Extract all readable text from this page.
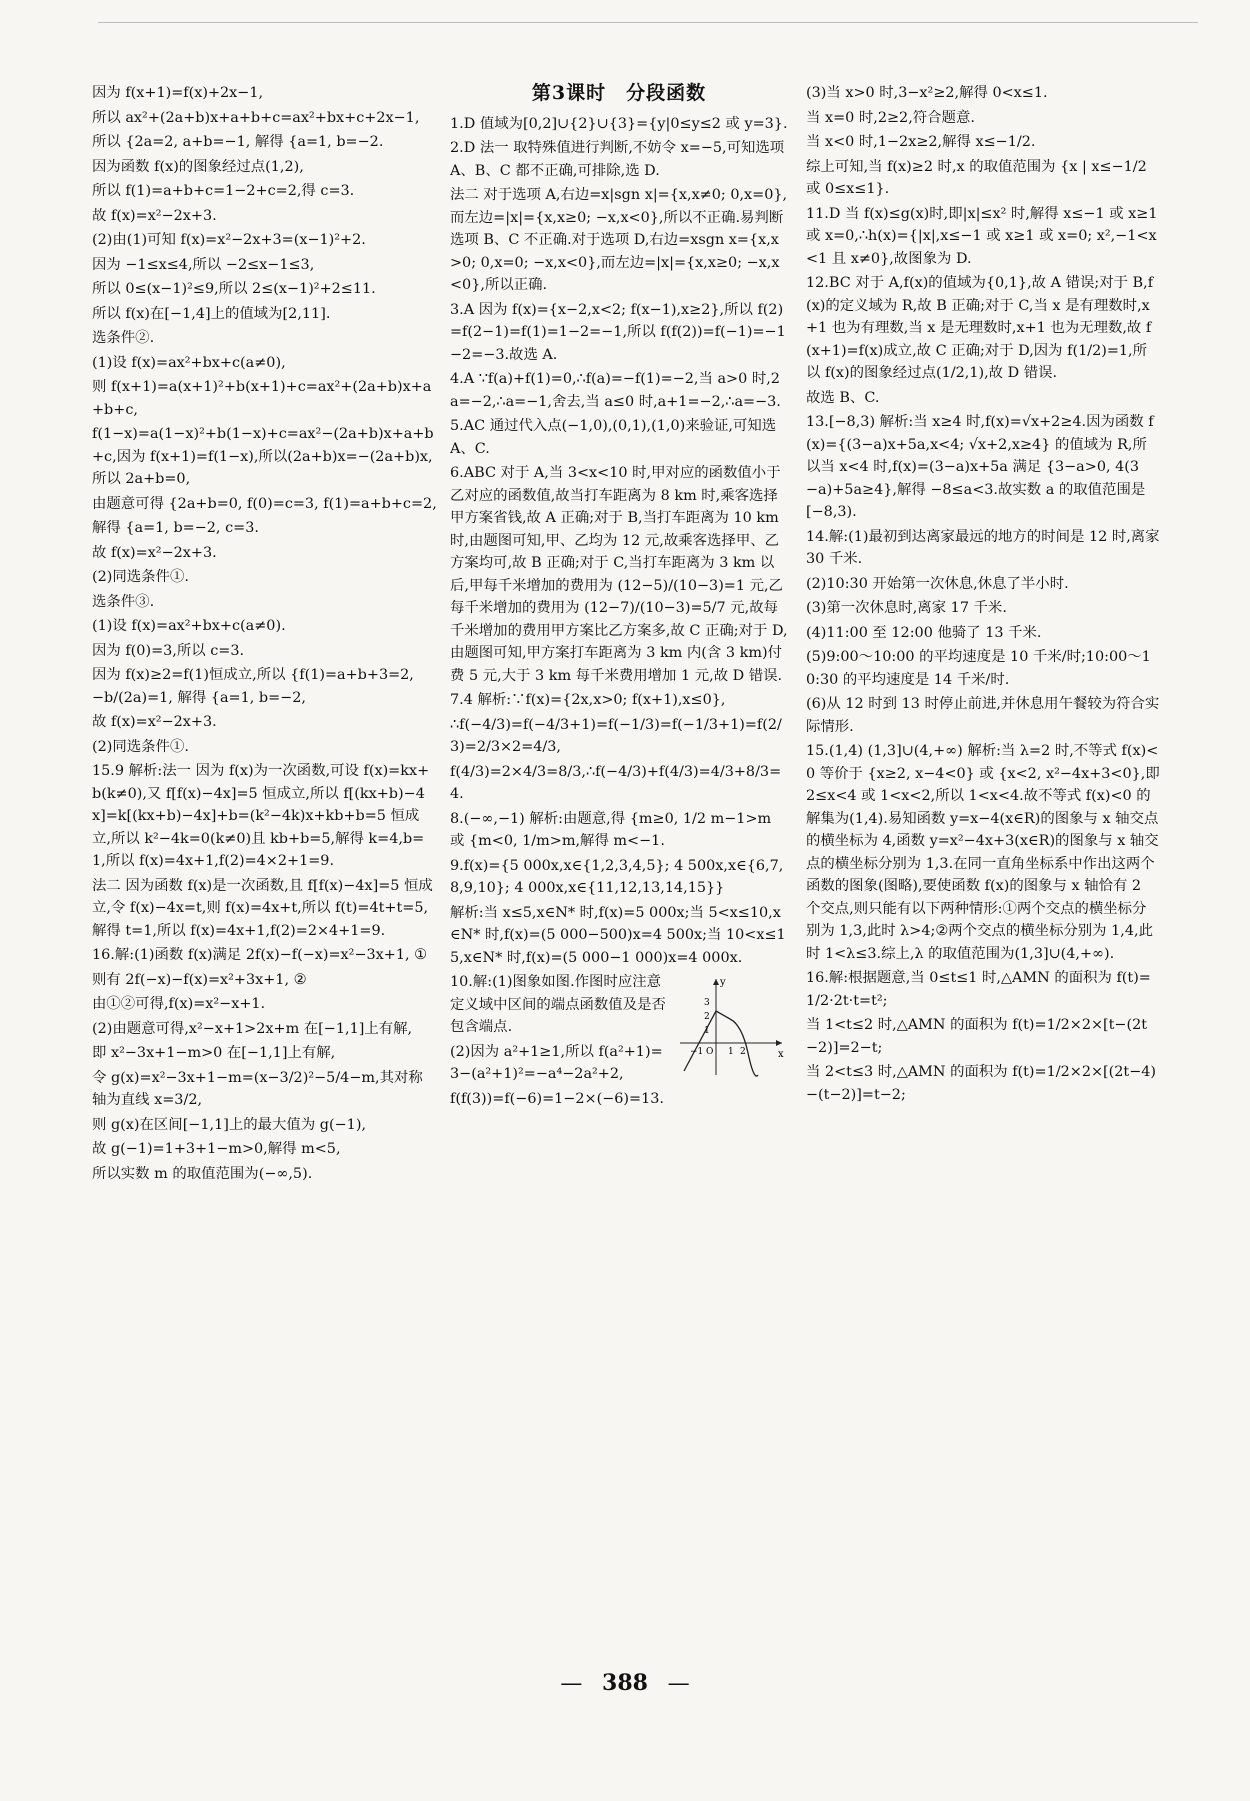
因为 f(x+1)=f(x)+2x−1,

所以 ax²+(2a+b)x+a+b+c=ax²+bx+c+2x−1,

所以 {2a=2, a+b=−1, 解得 {a=1, b=−2.

因为函数 f(x)的图象经过点(1,2),

所以 f(1)=a+b+c=1−2+c=2,得 c=3.

故 f(x)=x²−2x+3.

(2)由(1)可知 f(x)=x²−2x+3=(x−1)²+2.

因为 −1≤x≤4,所以 −2≤x−1≤3,

所以 0≤(x−1)²≤9,所以 2≤(x−1)²+2≤11.

所以 f(x)在[−1,4]上的值域为[2,11].

选条件②.

(1)设 f(x)=ax²+bx+c(a≠0),

则 f(x+1)=a(x+1)²+b(x+1)+c=ax²+(2a+b)x+a+b+c,

f(1−x)=a(1−x)²+b(1−x)+c=ax²−(2a+b)x+a+b+c,因为 f(x+1)=f(1−x),所以(2a+b)x=−(2a+b)x,所以 2a+b=0,

由题意可得 {2a+b=0, f(0)=c=3, f(1)=a+b+c=2,

解得 {a=1, b=−2, c=3.

故 f(x)=x²−2x+3.

(2)同选条件①.

选条件③.

(1)设 f(x)=ax²+bx+c(a≠0).

因为 f(0)=3,所以 c=3.

因为 f(x)≥2=f(1)恒成立,所以 {f(1)=a+b+3=2, −b/(2a)=1, 解得 {a=1, b=−2,

故 f(x)=x²−2x+3.

(2)同选条件①.

15.9 解析:法一 因为 f(x)为一次函数,可设 f(x)=kx+b(k≠0),又 f[f(x)−4x]=5 恒成立,所以 f[(kx+b)−4x]=k[(kx+b)−4x]+b=(k²−4k)x+kb+b=5 恒成立,所以 k²−4k=0(k≠0)且 kb+b=5,解得 k=4,b=1,所以 f(x)=4x+1,f(2)=4×2+1=9.

法二 因为函数 f(x)是一次函数,且 f[f(x)−4x]=5 恒成立,令 f(x)−4x=t,则 f(x)=4x+t,所以 f(t)=4t+t=5,解得 t=1,所以 f(x)=4x+1,f(2)=2×4+1=9.

16.解:(1)函数 f(x)满足 2f(x)−f(−x)=x²−3x+1, ①

则有 2f(−x)−f(x)=x²+3x+1, ②

由①②可得,f(x)=x²−x+1.

(2)由题意可得,x²−x+1>2x+m 在[−1,1]上有解,

即 x²−3x+1−m>0 在[−1,1]上有解,

令 g(x)=x²−3x+1−m=(x−3/2)²−5/4−m,其对称轴为直线 x=3/2,

则 g(x)在区间[−1,1]上的最大值为 g(−1),

故 g(−1)=1+3+1−m>0,解得 m<5,

所以实数 m 的取值范围为(−∞,5).

第3课时　分段函数

1.D 值域为[0,2]∪{2}∪{3}={y|0≤y≤2 或 y=3}.

2.D 法一 取特殊值进行判断,不妨令 x=−5,可知选项 A、B、C 都不正确,可排除,选 D.

法二 对于选项 A,右边=x|sgn x|={x,x≠0; 0,x=0},而左边=|x|={x,x≥0; −x,x<0},所以不正确.易判断选项 B、C 不正确.对于选项 D,右边=xsgn x={x,x>0; 0,x=0; −x,x<0},而左边=|x|={x,x≥0; −x,x<0},所以正确.

3.A 因为 f(x)={x−2,x<2; f(x−1),x≥2},所以 f(2)=f(2−1)=f(1)=1−2=−1,所以 f(f(2))=f(−1)=−1−2=−3.故选 A.

4.A ∵f(a)+f(1)=0,∴f(a)=−f(1)=−2,当 a>0 时,2a=−2,∴a=−1,舍去,当 a≤0 时,a+1=−2,∴a=−3.

5.AC 通过代入点(−1,0),(0,1),(1,0)来验证,可知选 A、C.

6.ABC 对于 A,当 3<x<10 时,甲对应的函数值小于乙对应的函数值,故当打车距离为 8 km 时,乘客选择甲方案省钱,故 A 正确;对于 B,当打车距离为 10 km 时,由题图可知,甲、乙均为 12 元,故乘客选择甲、乙方案均可,故 B 正确;对于 C,当打车距离为 3 km 以后,甲每千米增加的费用为 (12−5)/(10−3)=1 元,乙每千米增加的费用为 (12−7)/(10−3)=5/7 元,故每千米增加的费用甲方案比乙方案多,故 C 正确;对于 D,由题图可知,甲方案打车距离为 3 km 内(含 3 km)付费 5 元,大于 3 km 每千米费用增加 1 元,故 D 错误.

7.4 解析:∵f(x)={2x,x>0; f(x+1),x≤0},

∴f(−4/3)=f(−4/3+1)=f(−1/3)=f(−1/3+1)=f(2/3)=2/3×2=4/3,

f(4/3)=2×4/3=8/3,∴f(−4/3)+f(4/3)=4/3+8/3=4.

8.(−∞,−1) 解析:由题意,得 {m≥0, 1/2 m−1>m 或 {m<0, 1/m>m,解得 m<−1.

9.f(x)={5 000x,x∈{1,2,3,4,5}; 4 500x,x∈{6,7,8,9,10}; 4 000x,x∈{11,12,13,14,15}}

解析:当 x≤5,x∈N* 时,f(x)=5 000x;当 5<x≤10,x∈N* 时,f(x)=(5 000−500)x=4 500x;当 10<x≤15,x∈N* 时,f(x)=(5 000−1 000)x=4 000x.

x
y
3
2
1
O
−1	1 2

10.解:(1)图象如图.作图时应注意定义域中区间的端点函数值及是否包含端点.

(2)因为 a²+1≥1,所以 f(a²+1)=3−(a²+1)²=−a⁴−2a²+2,

f(f(3))=f(−6)=1−2×(−6)=13.

(3)当 x>0 时,3−x²≥2,解得 0<x≤1.

当 x=0 时,2≥2,符合题意.

当 x<0 时,1−2x≥2,解得 x≤−1/2.

综上可知,当 f(x)≥2 时,x 的取值范围为 {x | x≤−1/2 或 0≤x≤1}.

11.D 当 f(x)≤g(x)时,即|x|≤x² 时,解得 x≤−1 或 x≥1 或 x=0,∴h(x)={|x|,x≤−1 或 x≥1 或 x=0; x²,−1<x<1 且 x≠0},故图象为 D.

12.BC 对于 A,f(x)的值域为{0,1},故 A 错误;对于 B,f(x)的定义域为 R,故 B 正确;对于 C,当 x 是有理数时,x+1 也为有理数,当 x 是无理数时,x+1 也为无理数,故 f(x+1)=f(x)成立,故 C 正确;对于 D,因为 f(1/2)=1,所以 f(x)的图象经过点(1/2,1),故 D 错误.

故选 B、C.

13.[−8,3) 解析:当 x≥4 时,f(x)=√x+2≥4.因为函数 f(x)={(3−a)x+5a,x<4; √x+2,x≥4} 的值域为 R,所以当 x<4 时,f(x)=(3−a)x+5a 满足 {3−a>0, 4(3−a)+5a≥4},解得 −8≤a<3.故实数 a 的取值范围是[−8,3).

14.解:(1)最初到达离家最远的地方的时间是 12 时,离家 30 千米.

(2)10:30 开始第一次休息,休息了半小时.

(3)第一次休息时,离家 17 千米.

(4)11:00 至 12:00 他骑了 13 千米.

(5)9:00～10:00 的平均速度是 10 千米/时;10:00～10:30 的平均速度是 14 千米/时.

(6)从 12 时到 13 时停止前进,并休息用午餐较为符合实际情形.

15.(1,4) (1,3]∪(4,+∞) 解析:当 λ=2 时,不等式 f(x)<0 等价于 {x≥2, x−4<0} 或 {x<2, x²−4x+3<0},即 2≤x<4 或 1<x<2,所以 1<x<4.故不等式 f(x)<0 的解集为(1,4).易知函数 y=x−4(x∈R)的图象与 x 轴交点的横坐标为 4,函数 y=x²−4x+3(x∈R)的图象与 x 轴交点的横坐标分别为 1,3.在同一直角坐标系中作出这两个函数的图象(图略),要使函数 f(x)的图象与 x 轴恰有 2 个交点,则只能有以下两种情形:①两个交点的横坐标分别为 1,3,此时 λ>4;②两个交点的横坐标分别为 1,4,此时 1<λ≤3.综上,λ 的取值范围为(1,3]∪(4,+∞).

16.解:根据题意,当 0≤t≤1 时,△AMN 的面积为 f(t)=1/2·2t·t=t²;

当 1<t≤2 时,△AMN 的面积为 f(t)=1/2×2×[t−(2t−2)]=2−t;

当 2<t≤3 时,△AMN 的面积为 f(t)=1/2×2×[(2t−4)−(t−2)]=t−2;

— 388 —
